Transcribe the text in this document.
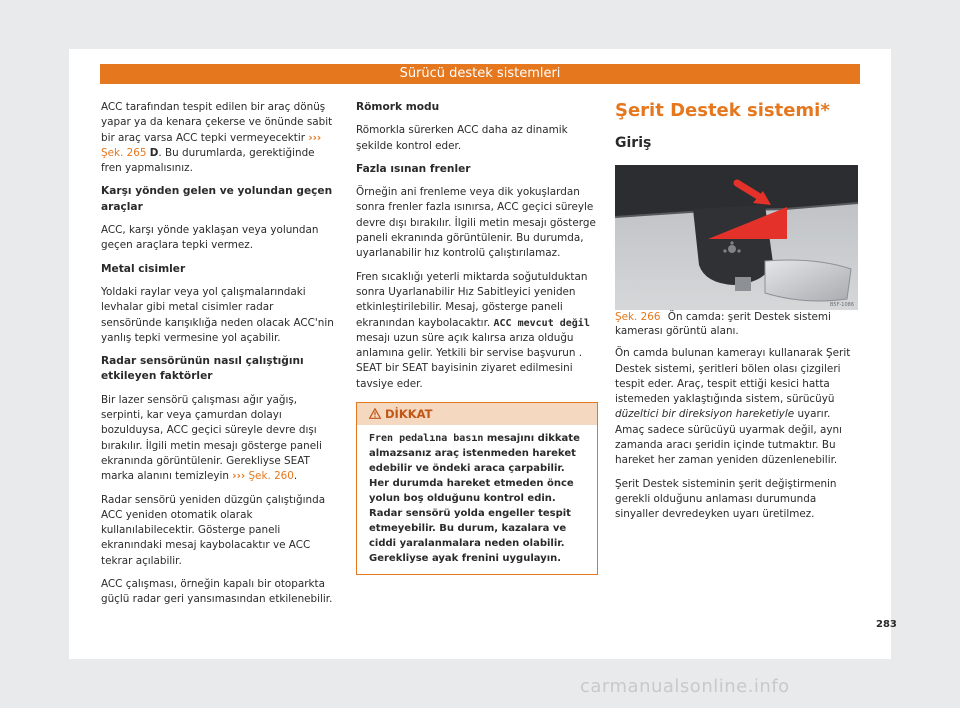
Sürücü destek sistemleri

ACC tarafından tespit edilen bir araç dönüş yapar ya da kenara çekerse ve önünde sabit bir araç varsa ACC tepki vermeyecektir ››› Şek. 265 D. Bu durumlarda, gerektiğinde fren yapmalısınız.

Karşı yönden gelen ve yolundan geçen araçlar

ACC, karşı yönde yaklaşan veya yolundan geçen araçlara tepki vermez.

Metal cisimler

Yoldaki raylar veya yol çalışmalarındaki levhalar gibi metal cisimler radar sensöründe karışıklığa neden olacak ACC'nin yanlış tepki vermesine yol açabilir.

Radar sensörünün nasıl çalıştığını etkileyen faktörler

Bir lazer sensörü çalışması ağır yağış, serpinti, kar veya çamurdan dolayı bozulduysa, ACC geçici süreyle devre dışı bırakılır. İlgili metin mesajı gösterge paneli ekranında görüntülenir. Gerekliyse SEAT marka alanını temizleyin ››› Şek. 260.

Radar sensörü yeniden düzgün çalıştığında ACC yeniden otomatik olarak kullanılabilecektir. Gösterge paneli ekranındaki mesaj kaybolacaktır ve ACC tekrar açılabilir.

ACC çalışması, örneğin kapalı bir otoparkta güçlü radar geri yansımasından etkilenebilir.

Römork modu

Römorkla sürerken ACC daha az dinamik şekilde kontrol eder.

Fazla ısınan frenler

Örneğin ani frenleme veya dik yokuşlardan sonra frenler fazla ısınırsa, ACC geçici süreyle devre dışı bırakılır. İlgili metin mesajı gösterge paneli ekranında görüntülenir. Bu durumda, uyarlanabilir hız kontrolü çalıştırılamaz.

Fren sıcaklığı yeterli miktarda soğutulduktan sonra Uyarlanabilir Hız Sabitleyici yeniden etkinleştirilebilir. Mesaj, gösterge paneli ekranından kaybolacaktır. ACC mevcut değil mesajı uzun süre açık kalırsa arıza olduğu anlamına gelir. Yetkili bir servise başvurun . SEAT bir SEAT bayisinin ziyaret edilmesini tavsiye eder.

DİKKAT
Fren pedalına basın mesajını dikkate almazsanız araç istenmeden hareket edebilir ve öndeki araca çarpabilir. Her durumda hareket etmeden önce yolun boş olduğunu kontrol edin. Radar sensörü yolda engeller tespit etmeyebilir. Bu durum, kazalara ve ciddi yaralanmalara neden olabilir. Gerekliyse ayak frenini uygulayın.
Şerit Destek sistemi*
Giriş
B5F-1086

Şek. 266 Ön camda: şerit Destek sistemi kamerası görüntü alanı.

Ön camda bulunan kamerayı kullanarak Şerit Destek sistemi, şeritleri bölen olası çizgileri tespit eder. Araç, tespit ettiği kesici hatta istemeden yaklaştığında sistem, sürücüyü düzeltici bir direksiyon hareketiyle uyarır. Amaç sadece sürücüyü uyarmak değil, aynı zamanda aracı şeridin içinde tutmaktır. Bu hareket her zaman yeniden düzenlenebilir.

Şerit Destek sisteminin şerit değiştirmenin gerekli olduğunu anlaması durumunda sinyaller devredeyken uyarı üretilmez.

283
carmanualsonline.info
